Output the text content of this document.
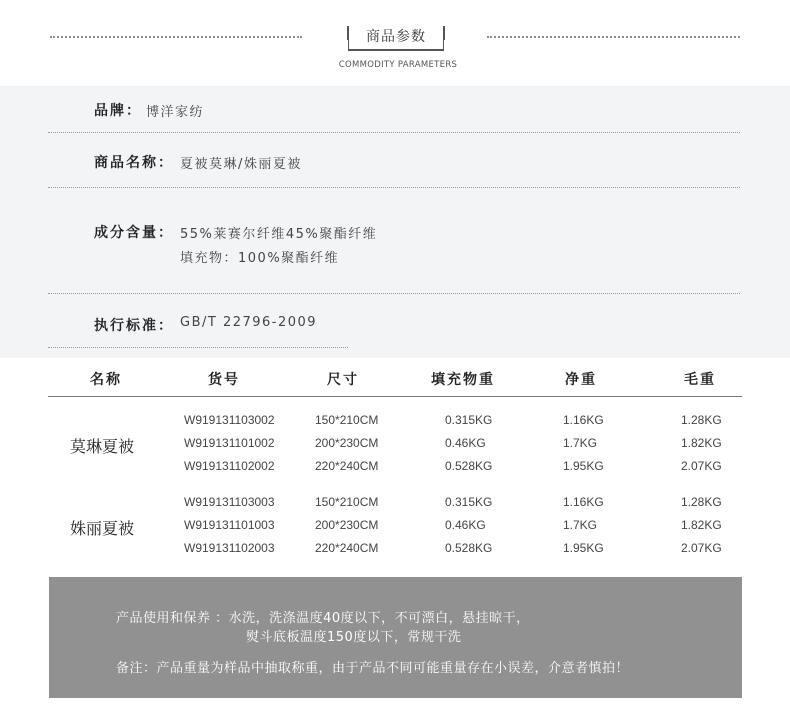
商品参数
COMMODITY PARAMETERS
品牌： 博洋家纺
商品名称： 夏被莫琳/姝丽夏被
成分含量： 55%莱赛尔纤维45%聚酯纤维
填充物：100%聚酯纤维
执行标准： GB/T 22796-2009
名称	货号	尺寸	填充物重	净重	毛重
莫琳夏被
W919131103002	150*210CM	0.315KG	1.16KG	1.28KG
W919131101002	200*230CM	0.46KG	1.7KG	1.82KG
W919131102002	220*240CM	0.528KG	1.95KG	2.07KG
姝丽夏被
W919131103003	150*210CM	0.315KG	1.16KG	1.28KG
W919131101003	200*230CM	0.46KG	1.7KG	1.82KG
W919131102003	220*240CM	0.528KG	1.95KG	2.07KG
产品使用和保养 ：水洗，洗涤温度40度以下，不可漂白，悬挂晾干，
熨斗底板温度150度以下，常规干洗
备注：产品重量为样品中抽取称重，由于产品不同可能重量存在小误差，介意者慎拍！
